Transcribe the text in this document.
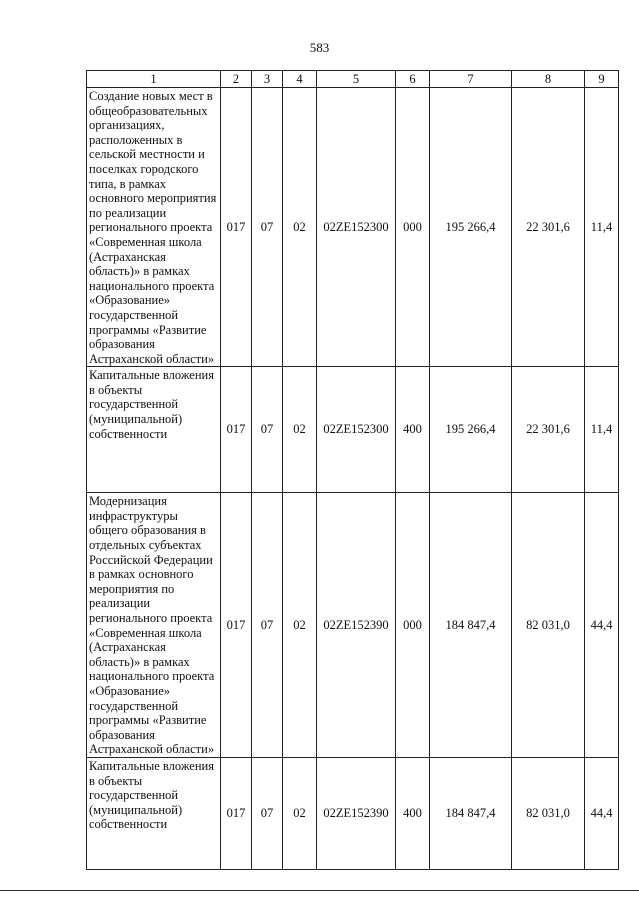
583
1	2	3	4	5	6	7	8	9
Создание новых мест в общеобразовательных организациях, расположенных в сельской местности и поселках городского типа, в рамках основного мероприятия по реализации регионального проекта «Современная школа (Астраханская область)» в рамках национального проекта «Образование» государственной программы «Развитие образования Астраханской области»	017	07	02	02ZE152300	000	195 266,4	22 301,6	11,4
Капитальные вложения в объекты государственной (муниципальной) собственности	017	07	02	02ZE152300	400	195 266,4	22 301,6	11,4
Модернизация инфраструктуры общего образования в отдельных субъектах Российской Федерации в рамках основного мероприятия по реализации регионального проекта «Современная школа (Астраханская область)» в рамках национального проекта «Образование» государственной программы «Развитие образования Астраханской области»	017	07	02	02ZE152390	000	184 847,4	82 031,0	44,4
Капитальные вложения в объекты государственной (муниципальной) собственности	017	07	02	02ZE152390	400	184 847,4	82 031,0	44,4
